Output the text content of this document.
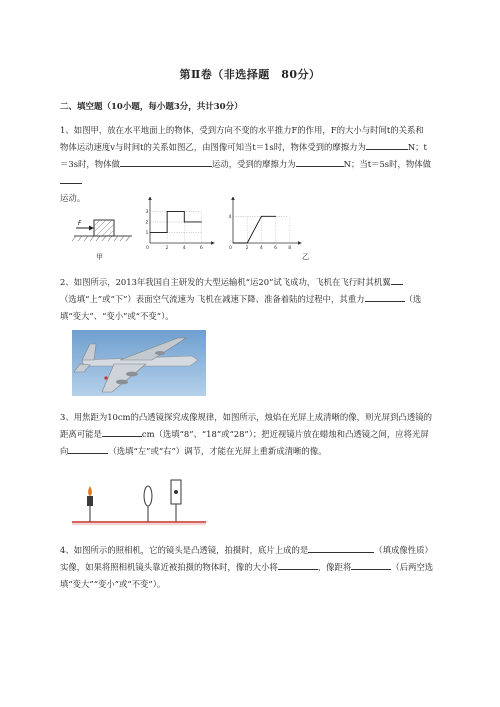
第Ⅱ卷（非选择题　80分）
二、填空题（10小题，每小题3分，共计30分）
1、如图甲，放在水平地面上的物体，受到方向不变的水平推力F的作用，F的大小与时间t的关系和
物体运动速度v与时间t的关系如图乙，由图像可知当t＝1s时，物体受到的摩擦力为	N；t
＝3s时，物体做	运动，受到的摩擦力为	N；当t＝5s时，物体做
运动。
F
甲
0	2	4	6
1
2
3
0	2 4 6 8
4
乙
2、如图所示，2013年我国自主研发的大型运输机“运20”试飞成功，飞机在飞行时其机翼
（选填“上”或“下”）表面空气流速为 飞机在减速下降、准备着陆的过程中，其重力	（选
填“变大”、“变小”或“不变”）。
3、用焦距为10cm的凸透镜探究成像规律，如图所示，烛焰在光屏上成清晰的像，则光屏到凸透镜的
距离可能是	cm（选填“8”、“18”或“28”）；把近视镜片放在蜡烛和凸透镜之间，应将光屏
向	（选填“左”或“右”）调节，才能在光屏上重新成清晰的像。
4、如图所示的照相机，它的镜头是凸透镜，拍摄时，底片上成的是	（填成像性质）
实像，如果将照相机镜头靠近被拍摄的物体时，像的大小将	，像距将	（后两空选
填“变大”“变小”或“不变”）。
